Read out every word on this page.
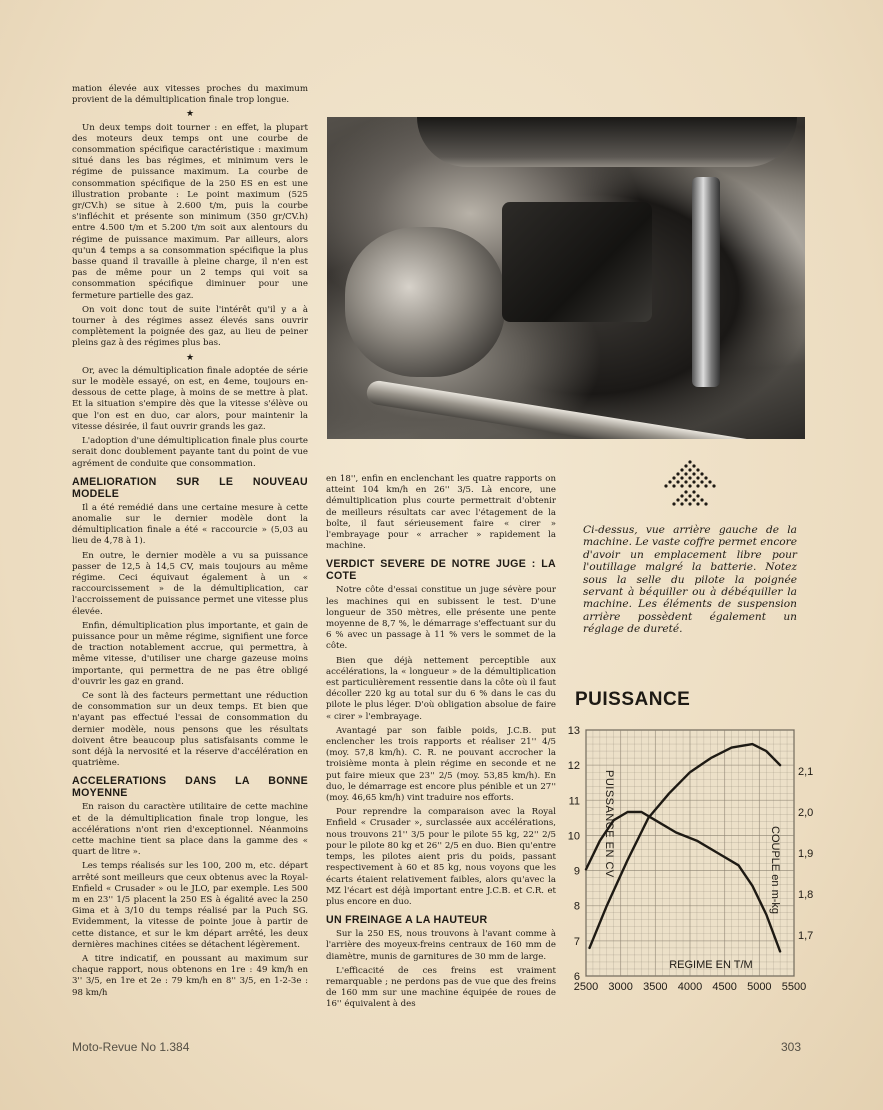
mation élevée aux vitesses proches du maximum provient de la démultiplication finale trop longue.

★

Un deux temps doit tourner : en effet, la plupart des moteurs deux temps ont une courbe de consommation spécifique caractéristique : maximum situé dans les bas régimes, et minimum vers le régime de puissance maximum. La courbe de consommation spécifique de la 250 ES en est une illustration probante : Le point maximum (525 gr/CV.h) se situe à 2.600 t/m, puis la courbe s'infléchit et présente son minimum (350 gr/CV.h) entre 4.500 t/m et 5.200 t/m soit aux alentours du régime de puissance maximum. Par ailleurs, alors qu'un 4 temps a sa consommation spécifique la plus basse quand il travaille à pleine charge, il n'en est pas de même pour un 2 temps qui voit sa consommation spécifique diminuer pour une fermeture partielle des gaz.

On voit donc tout de suite l'intérêt qu'il y a à tourner à des régimes assez élevés sans ouvrir complètement la poignée des gaz, au lieu de peiner pleins gaz à des régimes plus bas.

★

Or, avec la démultiplication finale adoptée de série sur le modèle essayé, on est, en 4eme, toujours en-dessous de cette plage, à moins de se mettre à plat. Et la situation s'empire dès que la vitesse s'élève ou que l'on est en duo, car alors, pour maintenir la vitesse désirée, il faut ouvrir grands les gaz.

L'adoption d'une démultiplication finale plus courte serait donc doublement payante tant du point de vue agrément de conduite que consommation.

AMELIORATION SUR LE NOUVEAU MODELE

Il a été remédié dans une certaine mesure à cette anomalie sur le dernier modèle dont la démultiplication finale a été « raccourcie » (5,03 au lieu de 4,78 à 1).

En outre, le dernier modèle a vu sa puissance passer de 12,5 à 14,5 CV, mais toujours au même régime. Ceci équivaut également à un « raccourcissement » de la démultiplication, car l'accroissement de puissance permet une vitesse plus élevée.

Enfin, démultiplication plus importante, et gain de puissance pour un même régime, signifient une force de traction notablement accrue, qui permettra, à même vitesse, d'utiliser une charge gazeuse moins importante, qui permettra de ne pas être obligé d'ouvrir les gaz en grand.

Ce sont là des facteurs permettant une réduction de consommation sur un deux temps. Et bien que n'ayant pas effectué l'essai de consommation du dernier modèle, nous pensons que les résultats doivent être beaucoup plus satisfaisants comme le sont déjà la nervosité et la réserve d'accélération en quatrième.

ACCELERATIONS DANS LA BONNE MOYENNE

En raison du caractère utilitaire de cette machine et de la démultiplication finale trop longue, les accélérations n'ont rien d'exceptionnel. Néanmoins cette machine tient sa place dans la gamme des « quart de litre ».

Les temps réalisés sur les 100, 200 m, etc. départ arrêté sont meilleurs que ceux obtenus avec la Royal-Enfield « Crusader » ou le JLO, par exemple. Les 500 m en 23'' 1/5 placent la 250 ES à égalité avec la 250 Gima et à 3/10 du temps réalisé par la Puch SG. Evidemment, la vitesse de pointe joue à partir de cette distance, et sur le km départ arrêté, les deux dernières machines citées se détachent légèrement.

A titre indicatif, en poussant au maximum sur chaque rapport, nous obtenons en 1re : 49 km/h en 3'' 3/5, en 1re et 2e : 79 km/h en 8'' 3/5, en 1-2-3e : 98 km/h

en 18'', enfin en enclenchant les quatre rapports on atteint 104 km/h en 26'' 3/5. Là encore, une démultiplication plus courte permettrait d'obtenir de meilleurs résultats car avec l'étagement de la boîte, il faut sérieusement faire « cirer » l'embrayage pour « arracher » rapidement la machine.

VERDICT SEVERE DE NOTRE JUGE : LA COTE

Notre côte d'essai constitue un juge sévère pour les machines qui en subissent le test. D'une longueur de 350 mètres, elle présente une pente moyenne de 8,7 %, le démarrage s'effectuant sur du 6 % avec un passage à 11 % vers le sommet de la côte.

Bien que déjà nettement perceptible aux accélérations, la « longueur » de la démultiplication est particulièrement ressentie dans la côte où il faut décoller 220 kg au total sur du 6 % dans le cas du pilote le plus léger. D'où obligation absolue de faire « cirer » l'embrayage.

Avantagé par son faible poids, J.C.B. put enclencher les trois rapports et réaliser 21'' 4/5 (moy. 57,8 km/h). C. R. ne pouvant accrocher la troisième monta à plein régime en seconde et ne put faire mieux que 23'' 2/5 (moy. 53,85 km/h). En duo, le démarrage est encore plus pénible et un 27'' (moy. 46,65 km/h) vint traduire nos efforts.

Pour reprendre la comparaison avec la Royal Enfield « Crusader », surclassée aux accélérations, nous trouvons 21'' 3/5 pour le pilote 55 kg, 22'' 2/5 pour le pilote 80 kg et 26'' 2/5 en duo. Bien qu'entre temps, les pilotes aient pris du poids, passant respectivement à 60 et 85 kg, nous voyons que les écarts étaient relativement faibles, alors qu'avec la MZ l'écart est déjà important entre J.C.B. et C.R. et plus encore en duo.

UN FREINAGE A LA HAUTEUR

Sur la 250 ES, nous trouvons à l'avant comme à l'arrière des moyeux-freins centraux de 160 mm de diamètre, munis de garnitures de 30 mm de large.

L'efficacité de ces freins est vraiment remarquable ; ne perdons pas de vue que des freins de 160 mm sur une machine équipée de roues de 16'' équivalent à des

Ci-dessus, vue arrière gauche de la machine. Le vaste coffre permet encore d'avoir un emplacement libre pour l'outillage malgré la batterie. Notez sous la selle du pilote la poignée servant à béquiller ou à débéquiller la machine. Les éléments de suspension arrière possèdent également un réglage de dureté.
PUISSANCE
2500 3000 3500 4000 4500 5000 5500
6
7
8
9
10
11
12
13
1,7
1,8
1,9
2,0
2,1
REGIME EN T/M
PUISSANCE EN CV	COUPLE en m-kg
Moto-Revue No 1.384	303
